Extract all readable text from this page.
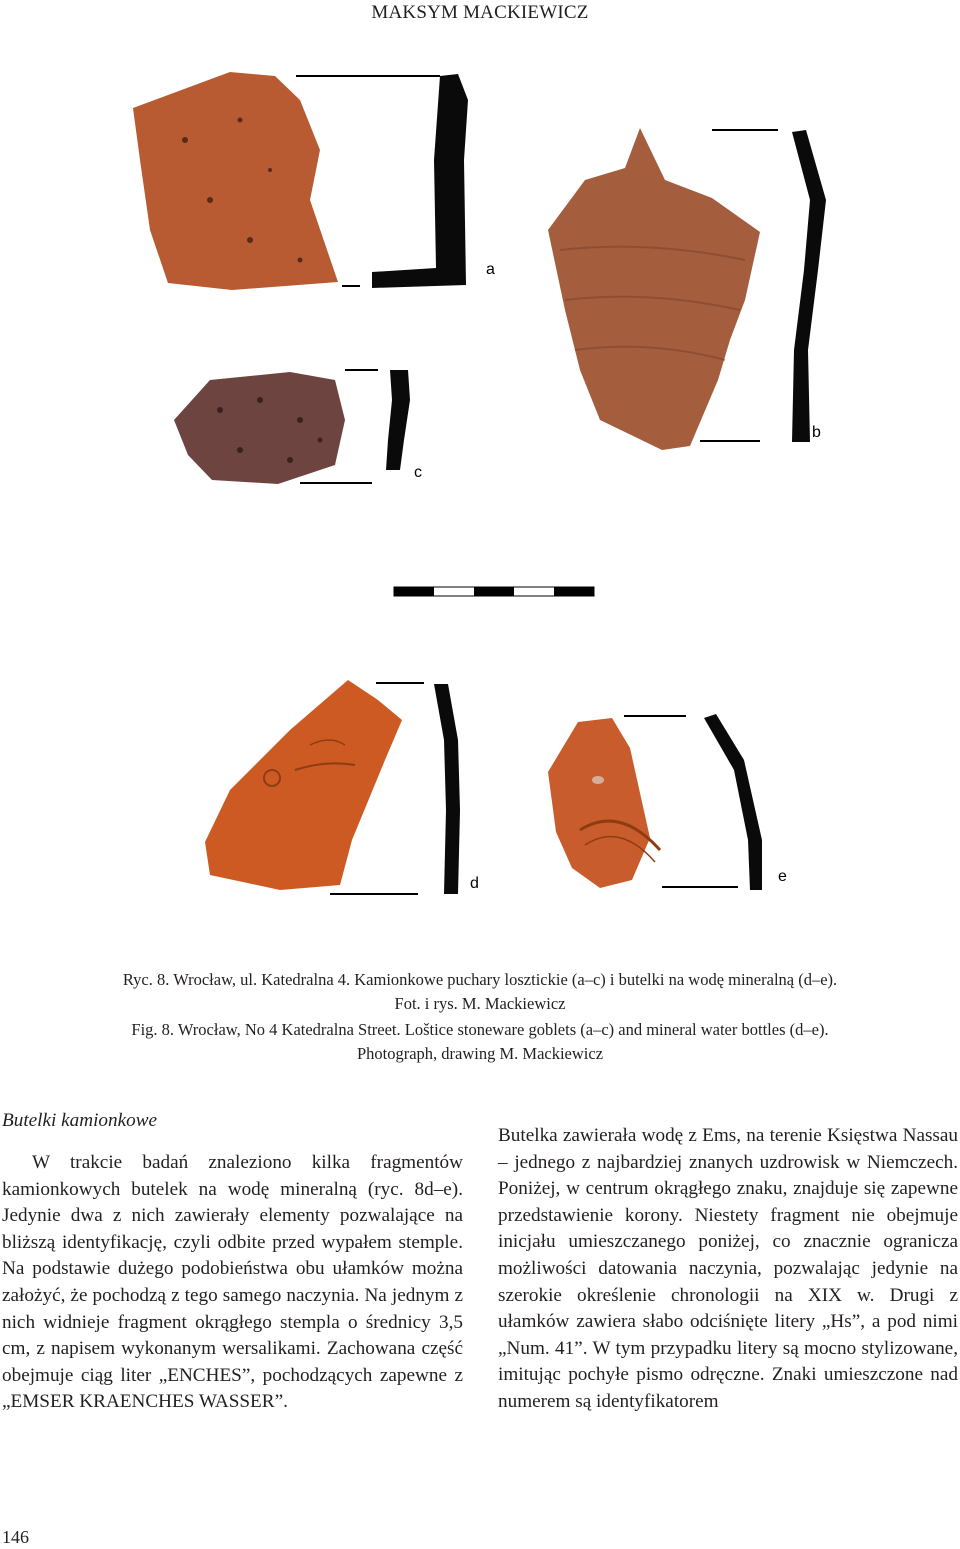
MAKSYM MACKIEWICZ
a
b
c
d	e
Ryc. 8. Wrocław, ul. Katedralna 4. Kamionkowe puchary losztickie (a–c) i butelki na wodę mineralną (d–e).
Fot. i rys. M. Mackiewicz
Fig. 8. Wrocław, No 4 Katedralna Street. Loštice stoneware goblets (a–c) and mineral water bottles (d–e).
Photograph, drawing M. Mackiewicz
Butelki kamionkowe

W trakcie badań znaleziono kilka fragmentów kamionkowych butelek na wodę mineralną (ryc. 8d–e). Jedynie dwa z nich zawierały elementy pozwalające na bliższą identyfikację, czyli odbite przed wypałem stemple. Na podstawie dużego podobieństwa obu ułamków można założyć, że pochodzą z tego samego naczynia. Na jednym z nich widnieje fragment okrągłego stempla o średnicy 3,5 cm, z napisem wykonanym wersalikami. Zachowana część obejmuje ciąg liter „ENCHES”, pochodzących zapewne z „EMSER KRAENCHES WASSER”.

Butelka zawierała wodę z Ems, na terenie Księstwa Nassau – jednego z najbardziej znanych uzdrowisk w Niemczech. Poniżej, w centrum okrągłego znaku, znajduje się zapewne przedstawienie korony. Niestety fragment nie obejmuje inicjału umieszczanego poniżej, co znacznie ogranicza możliwości datowania naczynia, pozwalając jedynie na szerokie określenie chronologii na XIX w. Drugi z ułamków zawiera słabo odciśnięte litery „Hs”, a pod nimi „Num. 41”. W tym przypadku litery są mocno stylizowane, imitując pochyłe pismo odręczne. Znaki umieszczone nad numerem są identyfikatorem

146
